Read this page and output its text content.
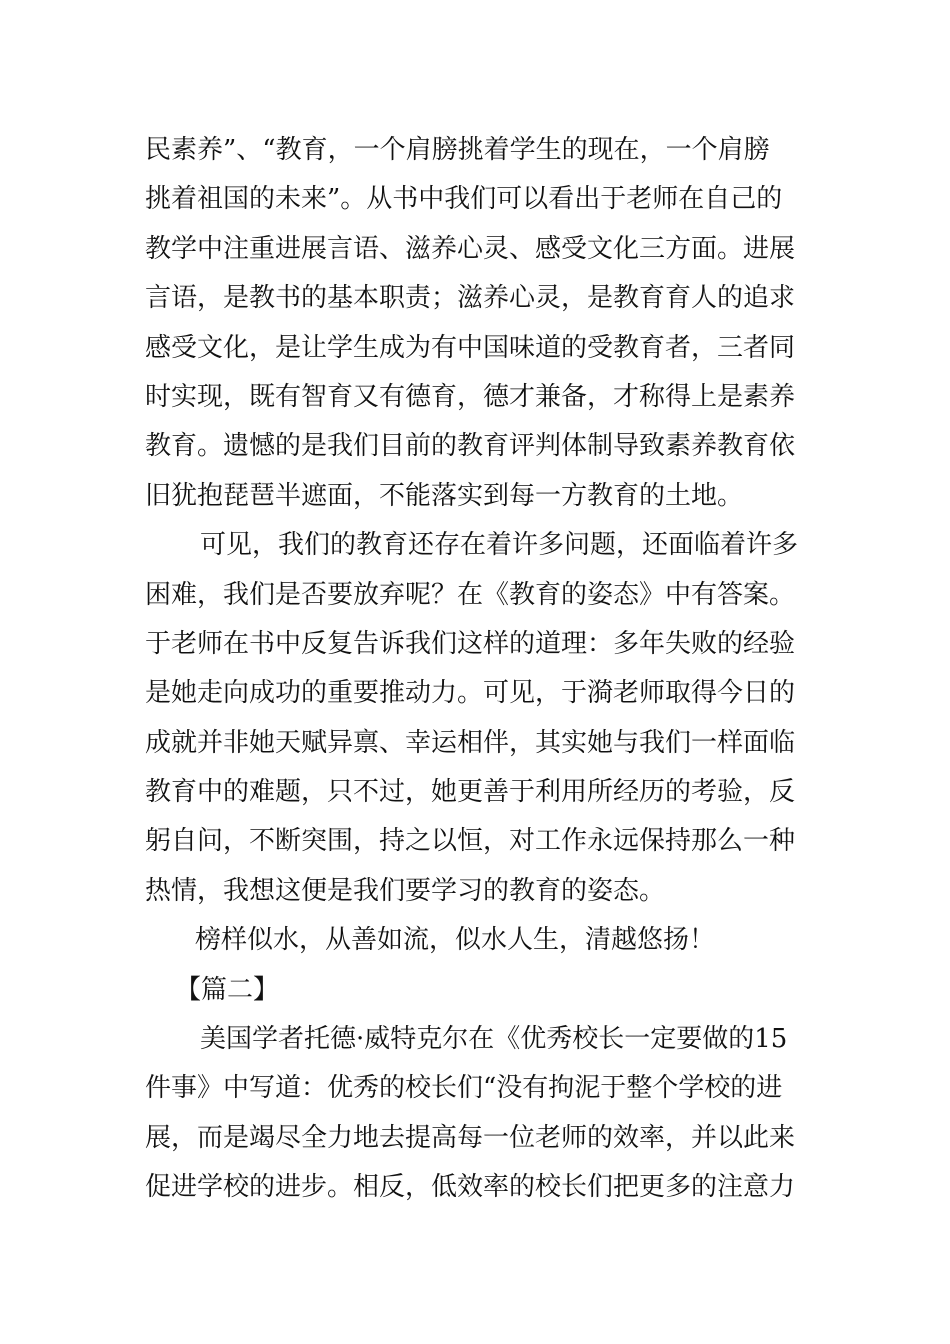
民素养”、“教育，一个肩膀挑着学生的现在，一个肩膀
挑着祖国的未来”。从书中我们可以看出于老师在自己的
教学中注重进展言语、滋养心灵、感受文化三方面。进展
言语，是教书的基本职责；滋养心灵，是教育育人的追求
感受文化，是让学生成为有中国味道的受教育者，三者同
时实现，既有智育又有德育，德才兼备，才称得上是素养
教育。遗憾的是我们目前的教育评判体制导致素养教育依
旧犹抱琵琶半遮面，不能落实到每一方教育的土地。
可见，我们的教育还存在着许多问题，还面临着许多
困难，我们是否要放弃呢？在《教育的姿态》中有答案。
于老师在书中反复告诉我们这样的道理：多年失败的经验
是她走向成功的重要推动力。可见，于漪老师取得今日的
成就并非她天赋异禀、幸运相伴，其实她与我们一样面临
教育中的难题，只不过，她更善于利用所经历的考验，反
躬自问，不断突围，持之以恒，对工作永远保持那么一种
热情，我想这便是我们要学习的教育的姿态。
榜样似水，从善如流，似水人生，清越悠扬！
【篇二】
美国学者托德·威特克尔在《优秀校长一定要做的15
件事》中写道：优秀的校长们“没有拘泥于整个学校的进
展，而是竭尽全力地去提高每一位老师的效率，并以此来
促进学校的进步。相反，低效率的校长们把更多的注意力
